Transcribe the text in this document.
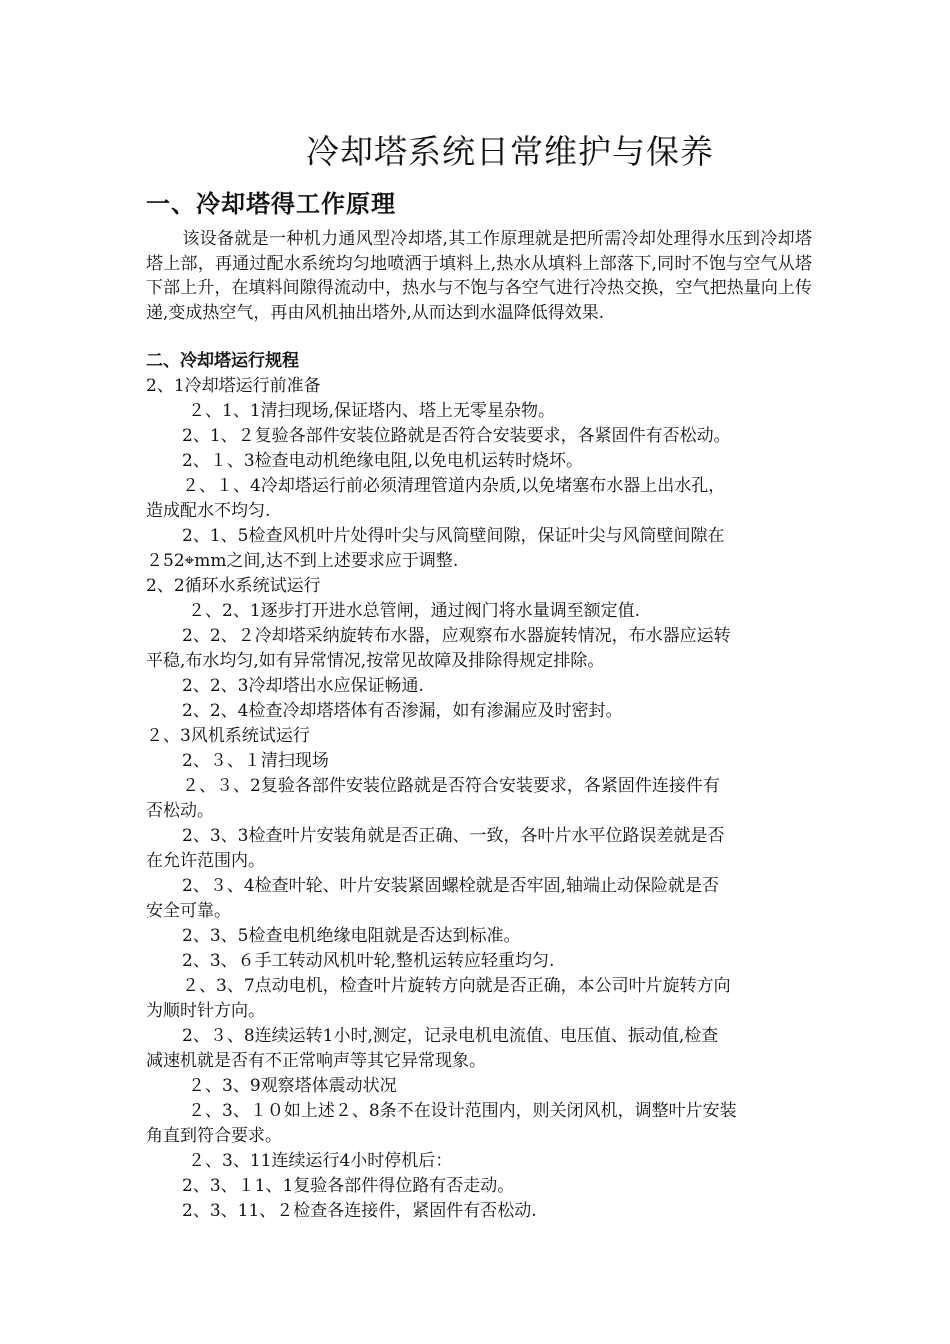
冷却塔系统日常维护与保养
一、冷却塔得工作原理
该设备就是一种机力通风型冷却塔,其工作原理就是把所需冷却处理得水压到冷却塔塔上部，再通过配水系统均匀地喷洒于填料上,热水从填料上部落下,同时不饱与空气从塔下部上升，在填料间隙得流动中，热水与不饱与各空气进行冷热交换，空气把热量向上传递,变成热空气，再由风机抽出塔外,从而达到水温降低得效果.
二、冷却塔运行规程
2、1冷却塔运行前准备
２、1、1清扫现场,保证塔内、塔上无零星杂物。
2、1、２复验各部件安装位路就是否符合安装要求，各紧固件有否松动。
2、１、3检查电动机绝缘电阻,以免电机运转时烧坏。
２、１、4冷却塔运行前必须清理管道内杂质,以免堵塞布水器上出水孔，
造成配水不均匀.
2、1、5检查风机叶片处得叶尖与风筒壁间隙，保证叶尖与风筒壁间隙在
２52⌖mm之间,达不到上述要求应于调整.
2、2循环水系统试运行
２、2、1逐步打开进水总管闸，通过阀门将水量调至额定值.
2、2、２冷却塔采纳旋转布水器，应观察布水器旋转情况，布水器应运转
平稳,布水均匀,如有异常情况,按常见故障及排除得规定排除。
2、2、3冷却塔出水应保证畅通.
2、2、4检查冷却塔塔体有否渗漏，如有渗漏应及时密封。
２、3风机系统试运行
2、３、１清扫现场
２、３、2复验各部件安装位路就是否符合安装要求，各紧固件连接件有
否松动。
2、3、3检查叶片安装角就是否正确、一致，各叶片水平位路误差就是否
在允许范围内。
2、３、4检查叶轮、叶片安装紧固螺栓就是否牢固,轴端止动保险就是否
安全可靠。
2、3、5检查电机绝缘电阻就是否达到标准。
2、3、６手工转动风机叶轮,整机运转应轻重均匀.
２、3、7点动电机，检查叶片旋转方向就是否正确，本公司叶片旋转方向
为顺时针方向。
2、３、8连续运转1小时,测定，记录电机电流值、电压值、振动值,检查
减速机就是否有不正常响声等其它异常现象。
２、3、9观察塔体震动状况
２、3、１０如上述２、8条不在设计范围内，则关闭风机，调整叶片安装
角直到符合要求。
２、3、11连续运行4小时停机后：
2、3、１1、1复验各部件得位路有否走动。
2、3、11、２检查各连接件，紧固件有否松动.
